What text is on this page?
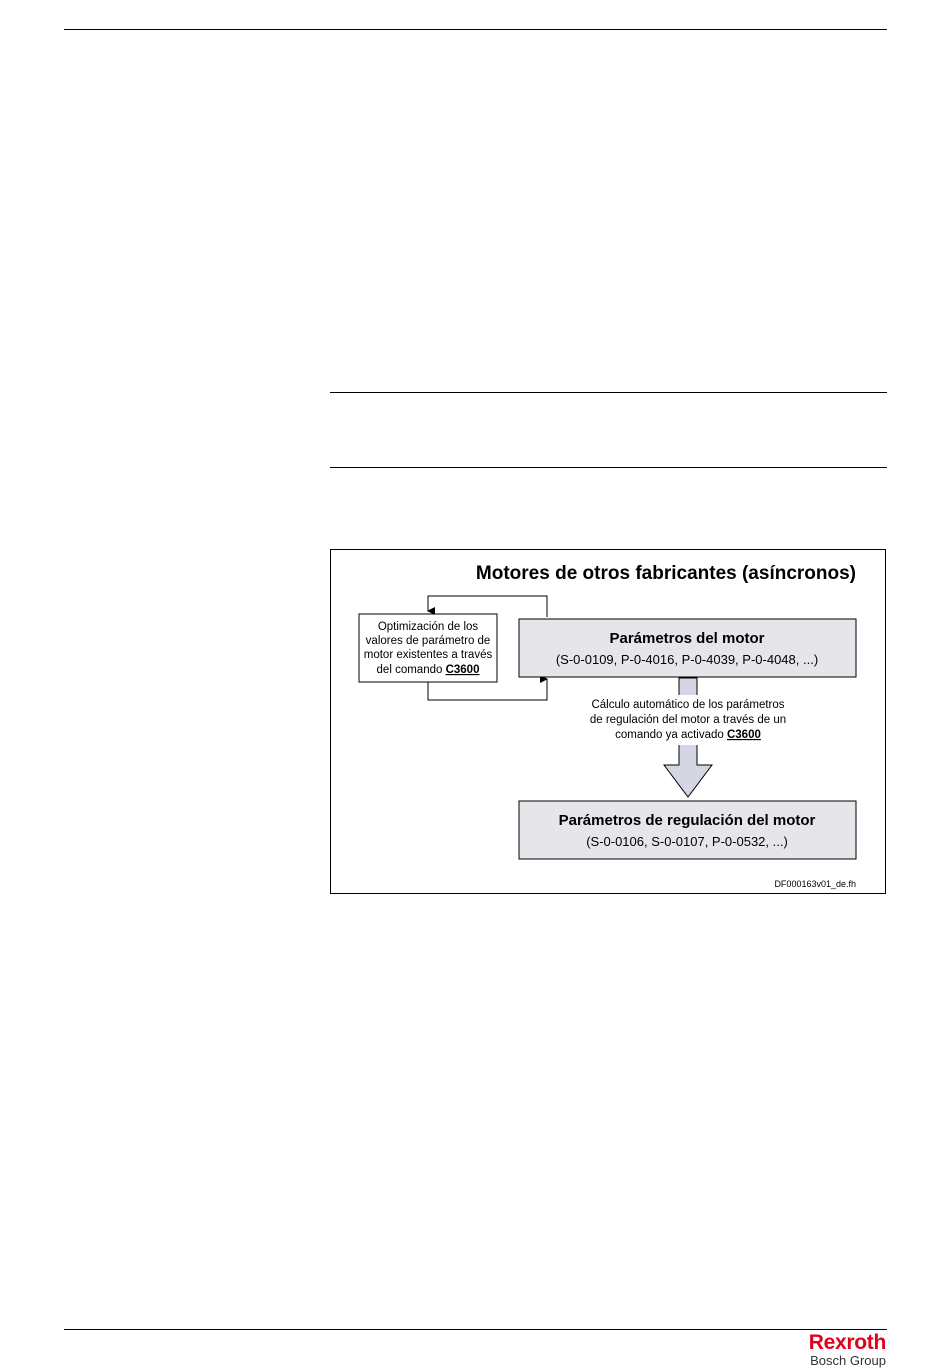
Motores de otros fabricantes (asíncronos)
Optimización de los
valores de parámetro de
motor existentes a través
del comando C3600
Parámetros del motor
(S-0-0109, P-0-4016, P-0-4039, P-0-4048, ...)
Cálculo automático de los parámetros
de regulación del motor a través de un
comando ya activado C3600
Parámetros de regulación del motor
(S-0-0106, S-0-0107, P-0-0532, ...)
DF000163v01_de.fh
Rexroth
Bosch Group
